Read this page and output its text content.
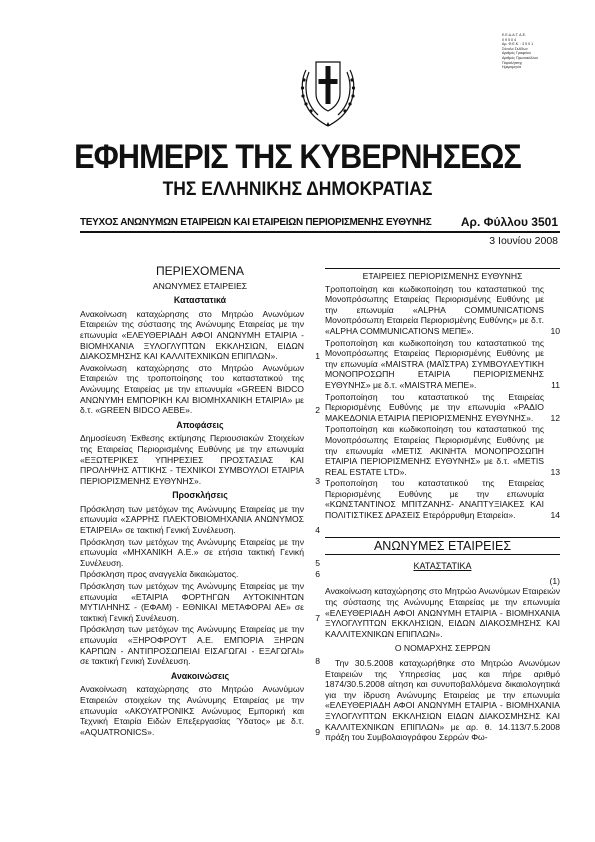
Ε.Ε.Δ.Α.Τ. Α.Ε.
0 9 5 0 4
Αρ. Φ.Ε.Κ. : 3 5 0 1
Σύνολο Σελίδων
Αριθμός Γραφείου
Αριθμός Πρωτοκόλλου
Παραλήπτης
Ημερομηνία
ΕΦΗΜΕΡΙΣ ΤΗΣ ΚΥΒΕΡΝΗΣΕΩΣ
ΤΗΣ ΕΛΛΗΝΙΚΗΣ ΔΗΜΟΚΡΑΤΙΑΣ
ΤΕΥΧΟΣ ΑΝΩΝΥΜΩΝ ΕΤΑΙΡΕΙΩΝ ΚΑΙ ΕΤΑΙΡΕΙΩΝ ΠΕΡΙΟΡΙΣΜΕΝΗΣ ΕΥΘΥΝΗΣ Αρ. Φύλλου 3501
3 Ιουνίου 2008
ΠΕΡΙΕΧΟΜΕΝΑ
ΑΝΩΝΥΜΕΣ ΕΤΑΙΡΕΙΕΣ
Καταστατικά
Ανακοίνωση καταχώρησης στο Μητρώο Ανωνύμων Εταιρειών της σύστασης της Ανώνυμης Εταιρείας με την επωνυμία «ΕΛΕΥΘΕΡΙΑΔΗ ΑΦΟΙ ΑΝΩΝΥΜΗ ΕΤΑΙΡΙΑ - ΒΙΟΜΗΧΑΝΙΑ ΞΥΛΟΓΛΥΠΤΩΝ ΕΚΚΛΗΣΙΩΝ, ΕΙΔΩΝ ΔΙΑΚΟΣΜΗΣΗΣ ΚΑΙ ΚΑΛΛΙΤΕΧΝΙΚΩΝ ΕΠΙΠΛΩΝ».	1
Ανακοίνωση καταχώρησης στο Μητρώο Ανωνύμων Εταιρειών της τροποποίησης του καταστατικού της Ανώνυμης Εταιρείας με την επωνυμία «GREEN BIDCO ΑΝΩΝΥΜΗ ΕΜΠΟΡΙΚΗ ΚΑΙ ΒΙΟΜΗΧΑΝΙΚΗ ΕΤΑΙΡΙΑ» με δ.τ. «GREEN BIDCO AEBE».	2
Αποφάσεις
Δημοσίευση Έκθεσης εκτίμησης Περιουσιακών Στοιχείων της Εταιρείας Περιορισμένης Ευθύνης με την επωνυμία «ΕΞΩΤΕΡΙΚΕΣ ΥΠΗΡΕΣΙΕΣ ΠΡΟΣΤΑΣΙΑΣ ΚΑΙ ΠΡΟΛΗΨΗΣ ΑΤΤΙΚΗΣ - ΤΕΧΝΙΚΟΙ ΣΥΜΒΟΥΛΟΙ ΕΤΑΙΡΙΑ ΠΕΡΙΟΡΙΣΜΕΝΗΣ ΕΥΘΥΝΗΣ».	3
Προσκλήσεις
Πρόσκληση των μετόχων της Ανώνυμης Εταιρείας με την επωνυμία «ΣΑΡΡΗΣ ΠΛΕΚΤΟΒΙΟΜΗΧΑΝΙΑ ΑΝΩΝΥΜΟΣ ΕΤΑΙΡΕΙΑ» σε τακτική Γενική Συνέλευση.	4
Πρόσκληση των μετόχων της Ανώνυμης Εταιρείας με την επωνυμία «ΜΗΧΑΝΙΚΗ Α.Ε.» σε ετήσια τακτική Γενική Συνέλευση.	5
Πρόσκληση προς αναγγελία δικαιώματος.	6
Πρόσκληση των μετόχων της Ανώνυμης Εταιρείας με την επωνυμία «ΕΤΑΙΡΙΑ ΦΟΡΤΗΓΩΝ ΑΥΤΟΚΙΝΗΤΩΝ ΜΥΤΙΛΗΝΗΣ - (ΕΦΑΜ) - ΕΘΝΙΚΑΙ ΜΕΤΑΦΟΡΑΙ ΑΕ» σε τακτική Γενική Συνέλευση.	7
Πρόσκληση των μετόχων της Ανώνυμης Εταιρείας με την επωνυμία «ΞΗΡΟΦΡΟΥΤ Α.Ε. ΕΜΠΟΡΙΑ ΞΗΡΩΝ ΚΑΡΠΩΝ - ΑΝΤΙΠΡΟΣΩΠΕΙΑΙ ΕΙΣΑΓΩΓΑΙ - ΕΞΑΓΩΓΑΙ» σε τακτική Γενική Συνέλευση.	8
Ανακοινώσεις
Ανακοίνωση καταχώρησης στο Μητρώο Ανωνύμων Εταιρειών στοιχείων της Ανώνυμης Εταιρείας με την επωνυμία «ΑΚΟΥΑΤΡΟΝΙΚΣ Ανώνυμος Εμπορική και Τεχνική Εταιρία Ειδών Επεξεργασίας Ύδατος» με δ.τ. «AQUATRONICS».	9
ΕΤΑΙΡΕΙΕΣ ΠΕΡΙΟΡΙΣΜΕΝΗΣ ΕΥΘΥΝΗΣ
Τροποποίηση και κωδικοποίηση του καταστατικού της Μονοπρόσωπης Εταιρείας Περιορισμένης Ευθύνης με την επωνυμία «ALPHA COMMUNICATIONS Μονοπρόσωπη Εταιρεία Περιορισμένης Ευθύνης» με δ.τ. «ALPHA COMMUNICATIONS ΜΕΠΕ».	10
Τροποποίηση και κωδικοποίηση του καταστατικού της Μονοπρόσωπης Εταιρείας Περιορισμένης Ευθύνης με την επωνυμία «MAISTRA (ΜΑΪΣΤΡΑ) ΣΥΜΒΟΥΛΕΥΤΙΚΗ ΜΟΝΟΠΡΟΣΩΠΗ ΕΤΑΙΡΙΑ ΠΕΡΙΟΡΙΣΜΕΝΗΣ ΕΥΘΥΝΗΣ» με δ.τ. «MAISTRA ΜΕΠΕ».	11
Τροποποίηση του καταστατικού της Εταιρείας Περιορισμένης Ευθύνης με την επωνυμία «ΡΑΔΙΟ ΜΑΚΕΔΟΝΙΑ ΕΤΑΙΡΙΑ ΠΕΡΙΟΡΙΣΜΕΝΗΣ ΕΥΘΥΝΗΣ». 12
Τροποποίηση και κωδικοποίηση του καταστατικού της Μονοπρόσωπης Εταιρείας Περιορισμένης Ευθύνης με την επωνυμία «ΜΕΤΙΣ ΑΚΙΝΗΤΑ ΜΟΝΟΠΡΟΣΩΠΗ ΕΤΑΙΡΙΑ ΠΕΡΙΟΡΙΣΜΕΝΗΣ ΕΥΘΥΝΗΣ» με δ.τ. «METIS REAL ESTATE LTD».	13
Τροποποίηση του καταστατικού της Εταιρείας Περιορισμένης Ευθύνης με την επωνυμία «ΚΩΝΣΤΑΝΤΙΝΟΣ ΜΠΙΤΖΑΝΗΣ- ΑΝΑΠΤΥΞΙΑΚΕΣ ΚΑΙ ΠΟΛΙΤΙΣΤΙΚΕΣ ΔΡΑΣΕΙΣ Ετερόρρυθμη Εταιρεία».	14
ΑΝΩΝΥΜΕΣ ΕΤΑΙΡΕΙΕΣ
ΚΑΤΑΣΤΑΤΙΚΑ

(1)

Ανακοίνωση καταχώρησης στο Μητρώο Ανωνύμων Εταιρειών της σύστασης της Ανώνυμης Εταιρείας με την επωνυμία «ΕΛΕΥΘΕΡΙΑΔΗ ΑΦΟΙ ΑΝΩΝΥΜΗ ΕΤΑΙΡΙΑ - ΒΙΟΜΗΧΑΝΙΑ ΞΥΛΟΓΛΥΠΤΩΝ ΕΚΚΛΗΣΙΩΝ, ΕΙΔΩΝ ΔΙΑΚΟΣΜΗΣΗΣ ΚΑΙ ΚΑΛΛΙΤΕΧΝΙΚΩΝ ΕΠΙΠΛΩΝ».

Ο ΝΟΜΑΡΧΗΣ ΣΕΡΡΩΝ

Την 30.5.2008 καταχωρήθηκε στο Μητρώο Ανωνύμων Εταιρειών της Υπηρεσίας μας και πήρε αριθμό 1874/30.5.2008 αίτηση και συνυποβαλλόμενα δικαιολογητικά για την ίδρυση Ανώνυμης Εταιρείας με την επωνυμία «ΕΛΕΥΘΕΡΙΑΔΗ ΑΦΟΙ ΑΝΩΝΥΜΗ ΕΤΑΙΡΙΑ - ΒΙΟΜΗΧΑΝΙΑ ΞΥΛΟΓΛΥΠΤΩΝ ΕΚΚΛΗΣΙΩΝ ΕΙΔΩΝ ΔΙΑΚΟΣΜΗΣΗΣ ΚΑΙ ΚΑΛΛΙΤΕΧΝΙΚΩΝ ΕΠΙΠΛΩΝ» με αρ. θ. 14.113/7.5.2008 πράξη του Συμβολαιογράφου Σερρών Φω-
